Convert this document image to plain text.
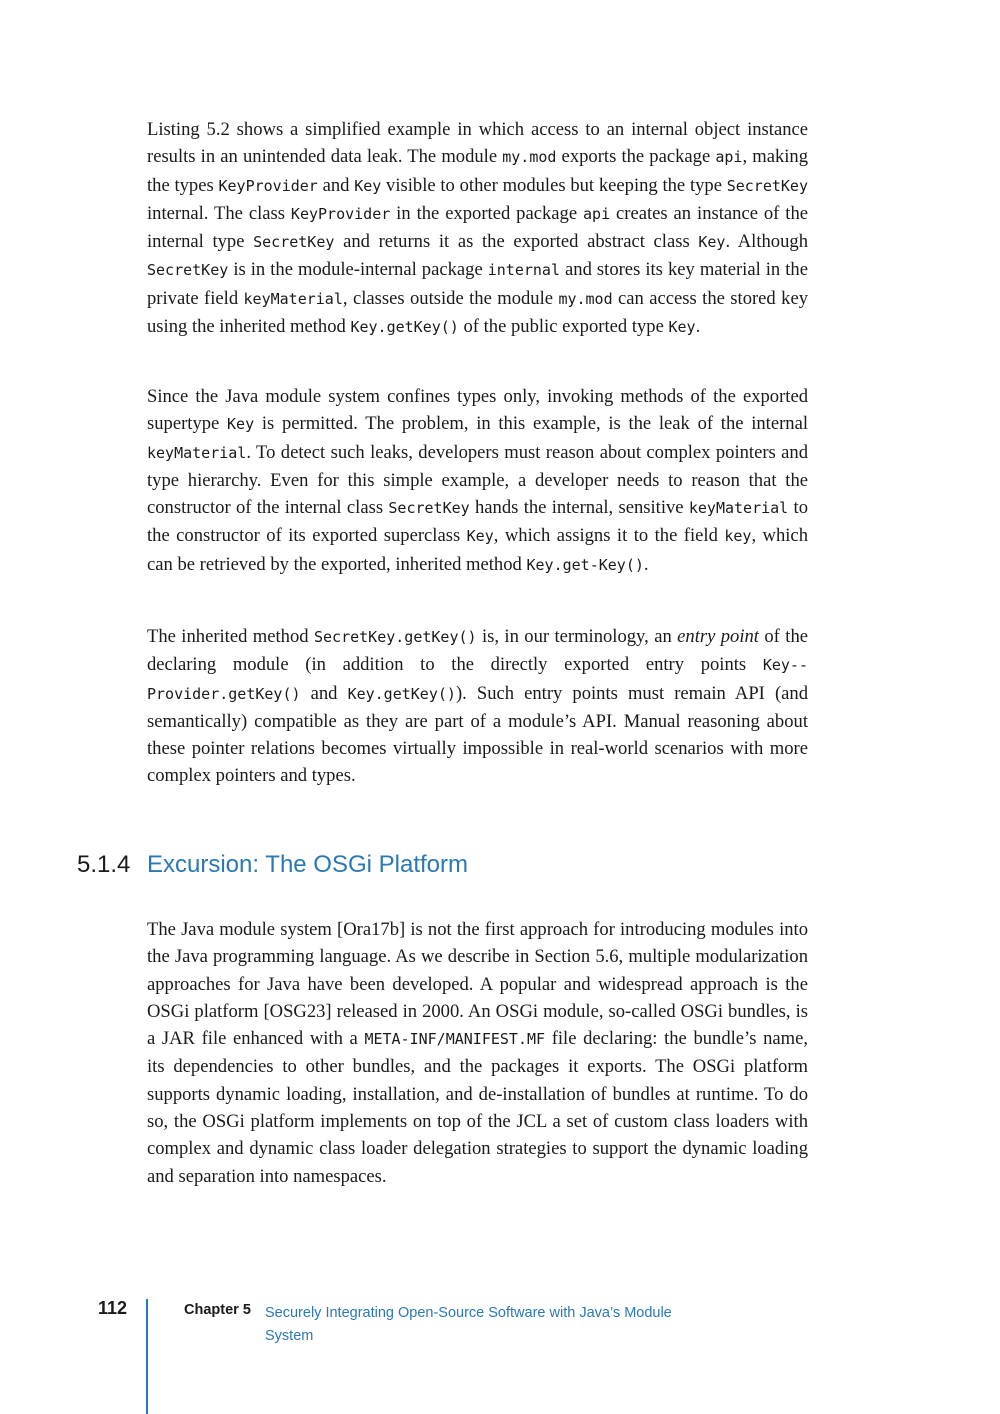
Listing 5.2 shows a simplified example in which access to an internal object instance results in an unintended data leak. The module my.mod exports the package api, making the types KeyProvider and Key visible to other modules but keeping the type SecretKey internal. The class KeyProvider in the exported package api creates an instance of the internal type SecretKey and returns it as the exported abstract class Key. Although SecretKey is in the module-internal package internal and stores its key material in the private field keyMaterial, classes outside the module my.mod can access the stored key using the inherited method Key.getKey() of the public exported type Key.

Since the Java module system confines types only, invoking methods of the exported supertype Key is permitted. The problem, in this example, is the leak of the internal keyMaterial. To detect such leaks, developers must reason about complex pointers and type hierarchy. Even for this simple example, a developer needs to reason that the constructor of the internal class SecretKey hands the internal, sensitive keyMaterial to the constructor of its exported superclass Key, which assigns it to the field key, which can be retrieved by the exported, inherited method Key.get-Key().

The inherited method SecretKey.getKey() is, in our terminology, an entry point of the declaring module (in addition to the directly exported entry points Key-Provider.getKey() and Key.getKey()). Such entry points must remain API (and semantically) compatible as they are part of a module’s API. Manual reasoning about these pointer relations becomes virtually impossible in real-world scenarios with more complex pointers and types.

5.1.4 Excursion: The OSGi Platform

The Java module system [Ora17b] is not the first approach for introducing modules into the Java programming language. As we describe in Section 5.6, multiple modularization approaches for Java have been developed. A popular and widespread approach is the OSGi platform [OSG23] released in 2000. An OSGi module, so-called OSGi bundles, is a JAR file enhanced with a META-INF/MANIFEST.MF file declaring: the bundle’s name, its dependencies to other bundles, and the packages it exports. The OSGi platform supports dynamic loading, installation, and de-installation of bundles at runtime. To do so, the OSGi platform implements on top of the JCL a set of custom class loaders with complex and dynamic class loader delegation strategies to support the dynamic loading and separation into namespaces.

112	Chapter 5 Securely Integrating Open-Source Software with Java’s Module System
